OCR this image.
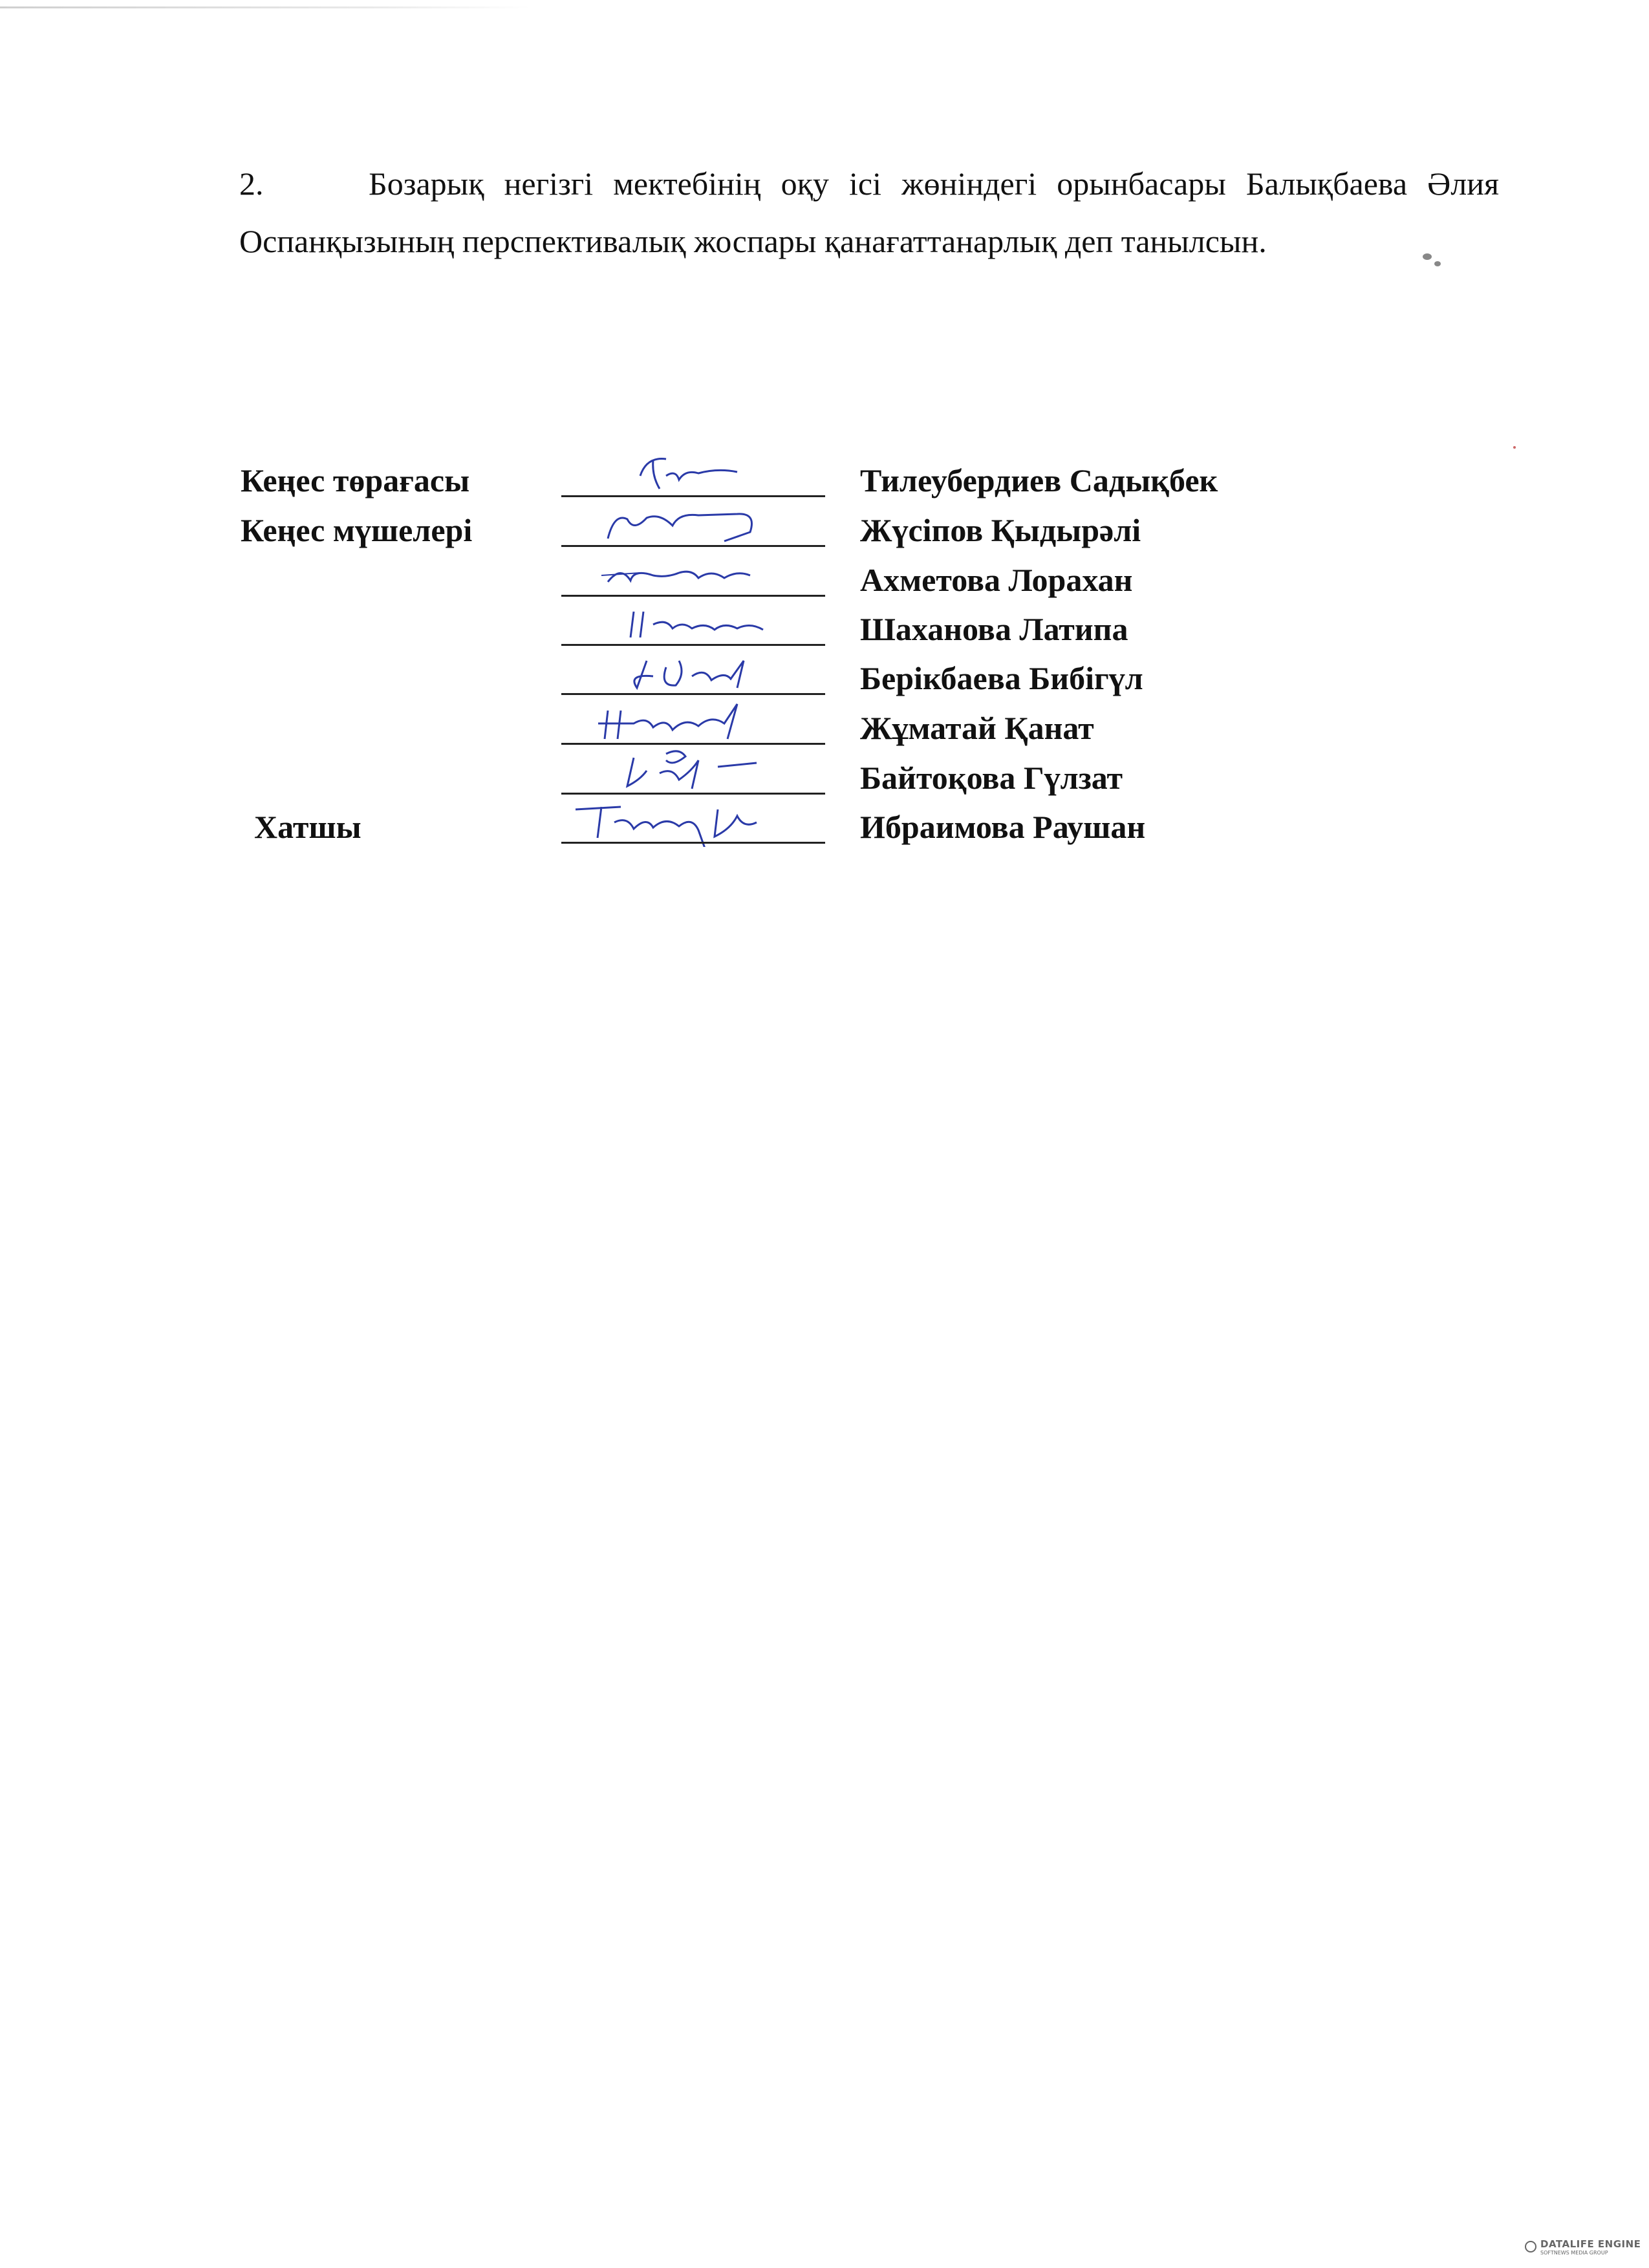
2.	Бозарық негізгі мектебінің оқу ісі жөніндегі орынбасары Балықбаева Әлия Оспанқызының перспективалық жоспары қанағаттанарлық деп танылсын.
Кеңес төрағасы	Тилеубердиев Садықбек
Кеңес мүшелері	Жүсіпов Қыдырәлі
Ахметова Лорахан
Шаханова Латипа
Берікбаева Бибігүл
Жұматай Қанат
Байтоқова Гүлзат
Хатшы	Ибраимова Раушан
DATALIFE ENGINE
SOFTNEWS MEDIA GROUP
